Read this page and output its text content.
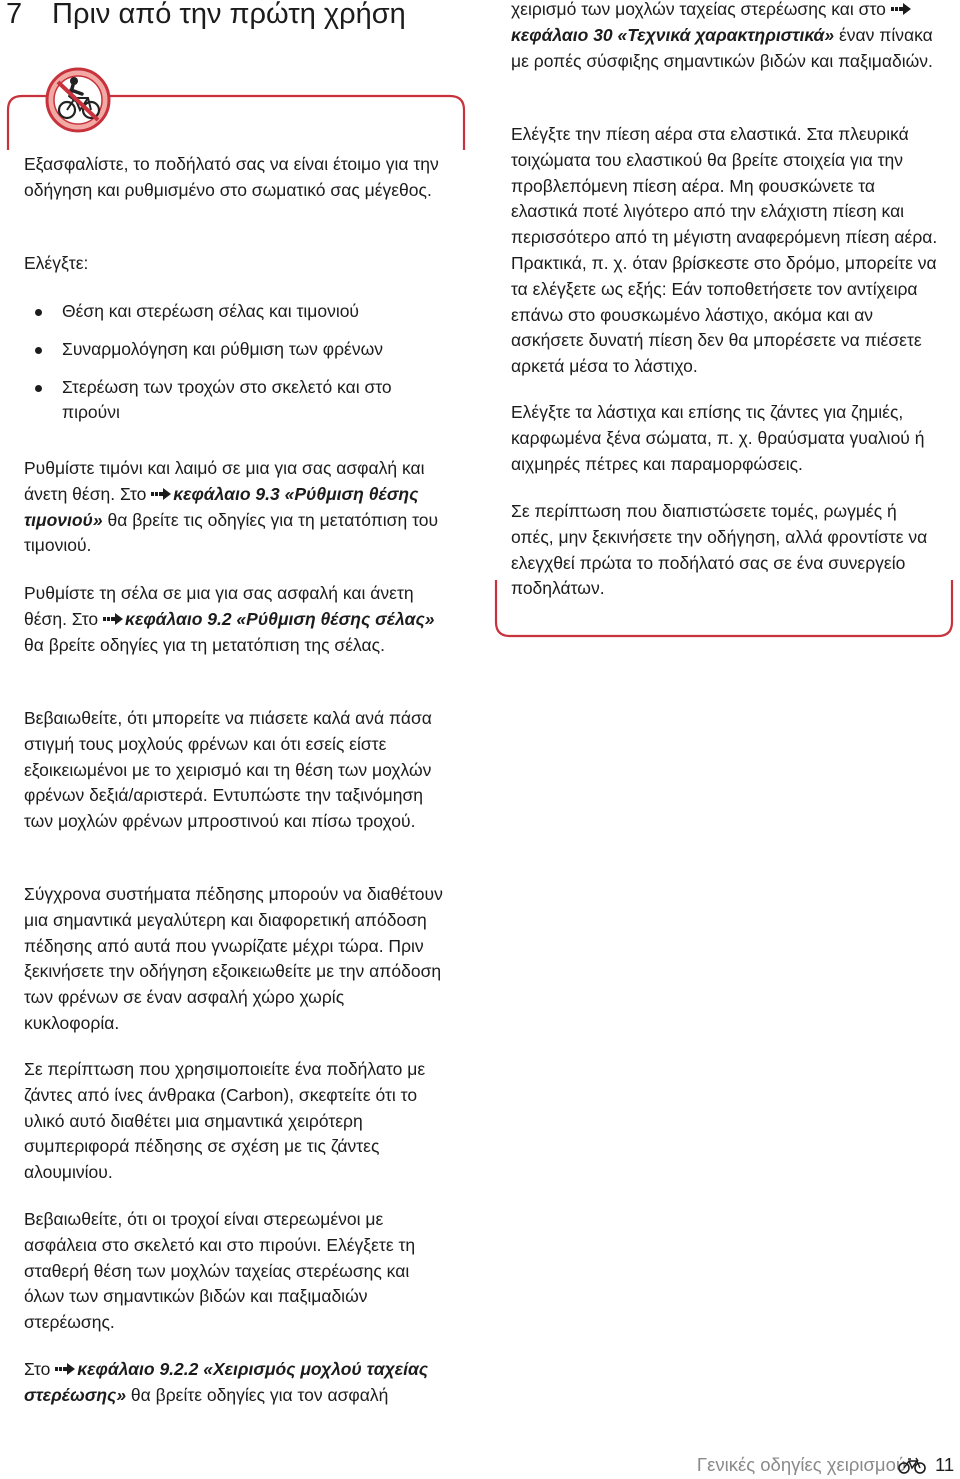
7 Πριν από την πρώτη χρήση

Εξασφαλίστε, το ποδήλατό σας να είναι έτοιμο για την οδήγηση και ρυθμισμένο στο σωματικό σας μέγεθος.

Ελέγξτε:

Θέση και στερέωση σέλας και τιμονιού
Συναρμολόγηση και ρύθμιση των φρένων
Στερέωση των τροχών στο σκελετό και στο πιρούνι

Ρυθμίστε τιμόνι και λαιμό σε μια για σας ασφαλή και άνετη θέση. Στο
κεφάλαιο 9.3 «Ρύθμιση θέσης τιμονιού» θα βρείτε τις οδηγίες για τη μετατόπιση του τιμονιού.

Ρυθμίστε τη σέλα σε μια για σας ασφαλή και άνετη θέση. Στο
κεφάλαιο 9.2 «Ρύθμιση θέσης σέλας» θα βρείτε οδηγίες για τη μετατόπιση της σέλας.

Βεβαιωθείτε, ότι μπορείτε να πιάσετε καλά ανά πάσα στιγμή τους μοχλούς φρένων και ότι εσείς είστε εξοικειωμένοι με το χειρισμό και τη θέση των μοχλών φρένων δεξιά/αριστερά. Εντυπώστε την ταξινόμηση των μοχλών φρένων μπροστινού και πίσω τροχού.

Σύγχρονα συστήματα πέδησης μπορούν να διαθέτουν μια σημαντικά μεγαλύτερη και διαφορετική απόδοση πέδησης από αυτά που γνωρίζατε μέχρι τώρα. Πριν ξεκινήσετε την οδήγηση εξοικειωθείτε με την απόδοση των φρένων σε έναν ασφαλή χώρο χωρίς κυκλοφορία.

Σε περίπτωση που χρησιμοποιείτε ένα ποδήλατο με ζάντες από ίνες άνθρακα (Carbon), σκεφτείτε ότι το υλικό αυτό διαθέτει μια σημαντικά χειρότερη συμπεριφορά πέδησης σε σχέση με τις ζάντες αλουμινίου.

Βεβαιωθείτε, ότι οι τροχοί είναι στερεωμένοι με ασφάλεια στο σκελετό και στο πιρούνι. Ελέγξετε τη σταθερή θέση των μοχλών ταχείας στερέωσης και όλων των σημαντικών βιδών και παξιμαδιών στερέωσης.

Στο
κεφάλαιο 9.2.2 «Χειρισμός μοχλού ταχείας στερέωσης» θα βρείτε οδηγίες για τον ασφαλή

χειρισμό των μοχλών ταχείας στερέωσης και στο
κεφάλαιο 30 «Τεχνικά χαρακτηριστικά» έναν πίνακα με ροπές σύσφιξης σημαντικών βιδών και παξιμαδιών.

Ελέγξτε την πίεση αέρα στα ελαστικά. Στα πλευρικά τοιχώματα του ελαστικού θα βρείτε στοιχεία για την προβλεπόμενη πίεση αέρα. Μη φουσκώνετε τα ελαστικά ποτέ λιγότερο από την ελάχιστη πίεση και περισσότερο από τη μέγιστη αναφερόμενη πίεση αέρα. Πρακτικά, π. χ. όταν βρίσκεστε στο δρόμο, μπορείτε να τα ελέγξετε ως εξής: Εάν τοποθετήσετε τον αντίχειρα επάνω στο φουσκωμένο λάστιχο, ακόμα και αν ασκήσετε δυνατή πίεση δεν θα μπορέσετε να πιέσετε αρκετά μέσα το λάστιχο.

Ελέγξτε τα λάστιχα και επίσης τις ζάντες για ζημιές, καρφωμένα ξένα σώματα, π. χ. θραύσματα γυαλιού ή αιχμηρές πέτρες και παραμορφώσεις.

Σε περίπτωση που διαπιστώσετε τομές, ρωγμές ή οπές, μην ξεκινήσετε την οδήγηση, αλλά φροντίστε να ελεγχθεί πρώτα το ποδήλατό σας σε ένα συνεργείο ποδηλάτων.

Γενικές οδηγίες χειρισμού 11
